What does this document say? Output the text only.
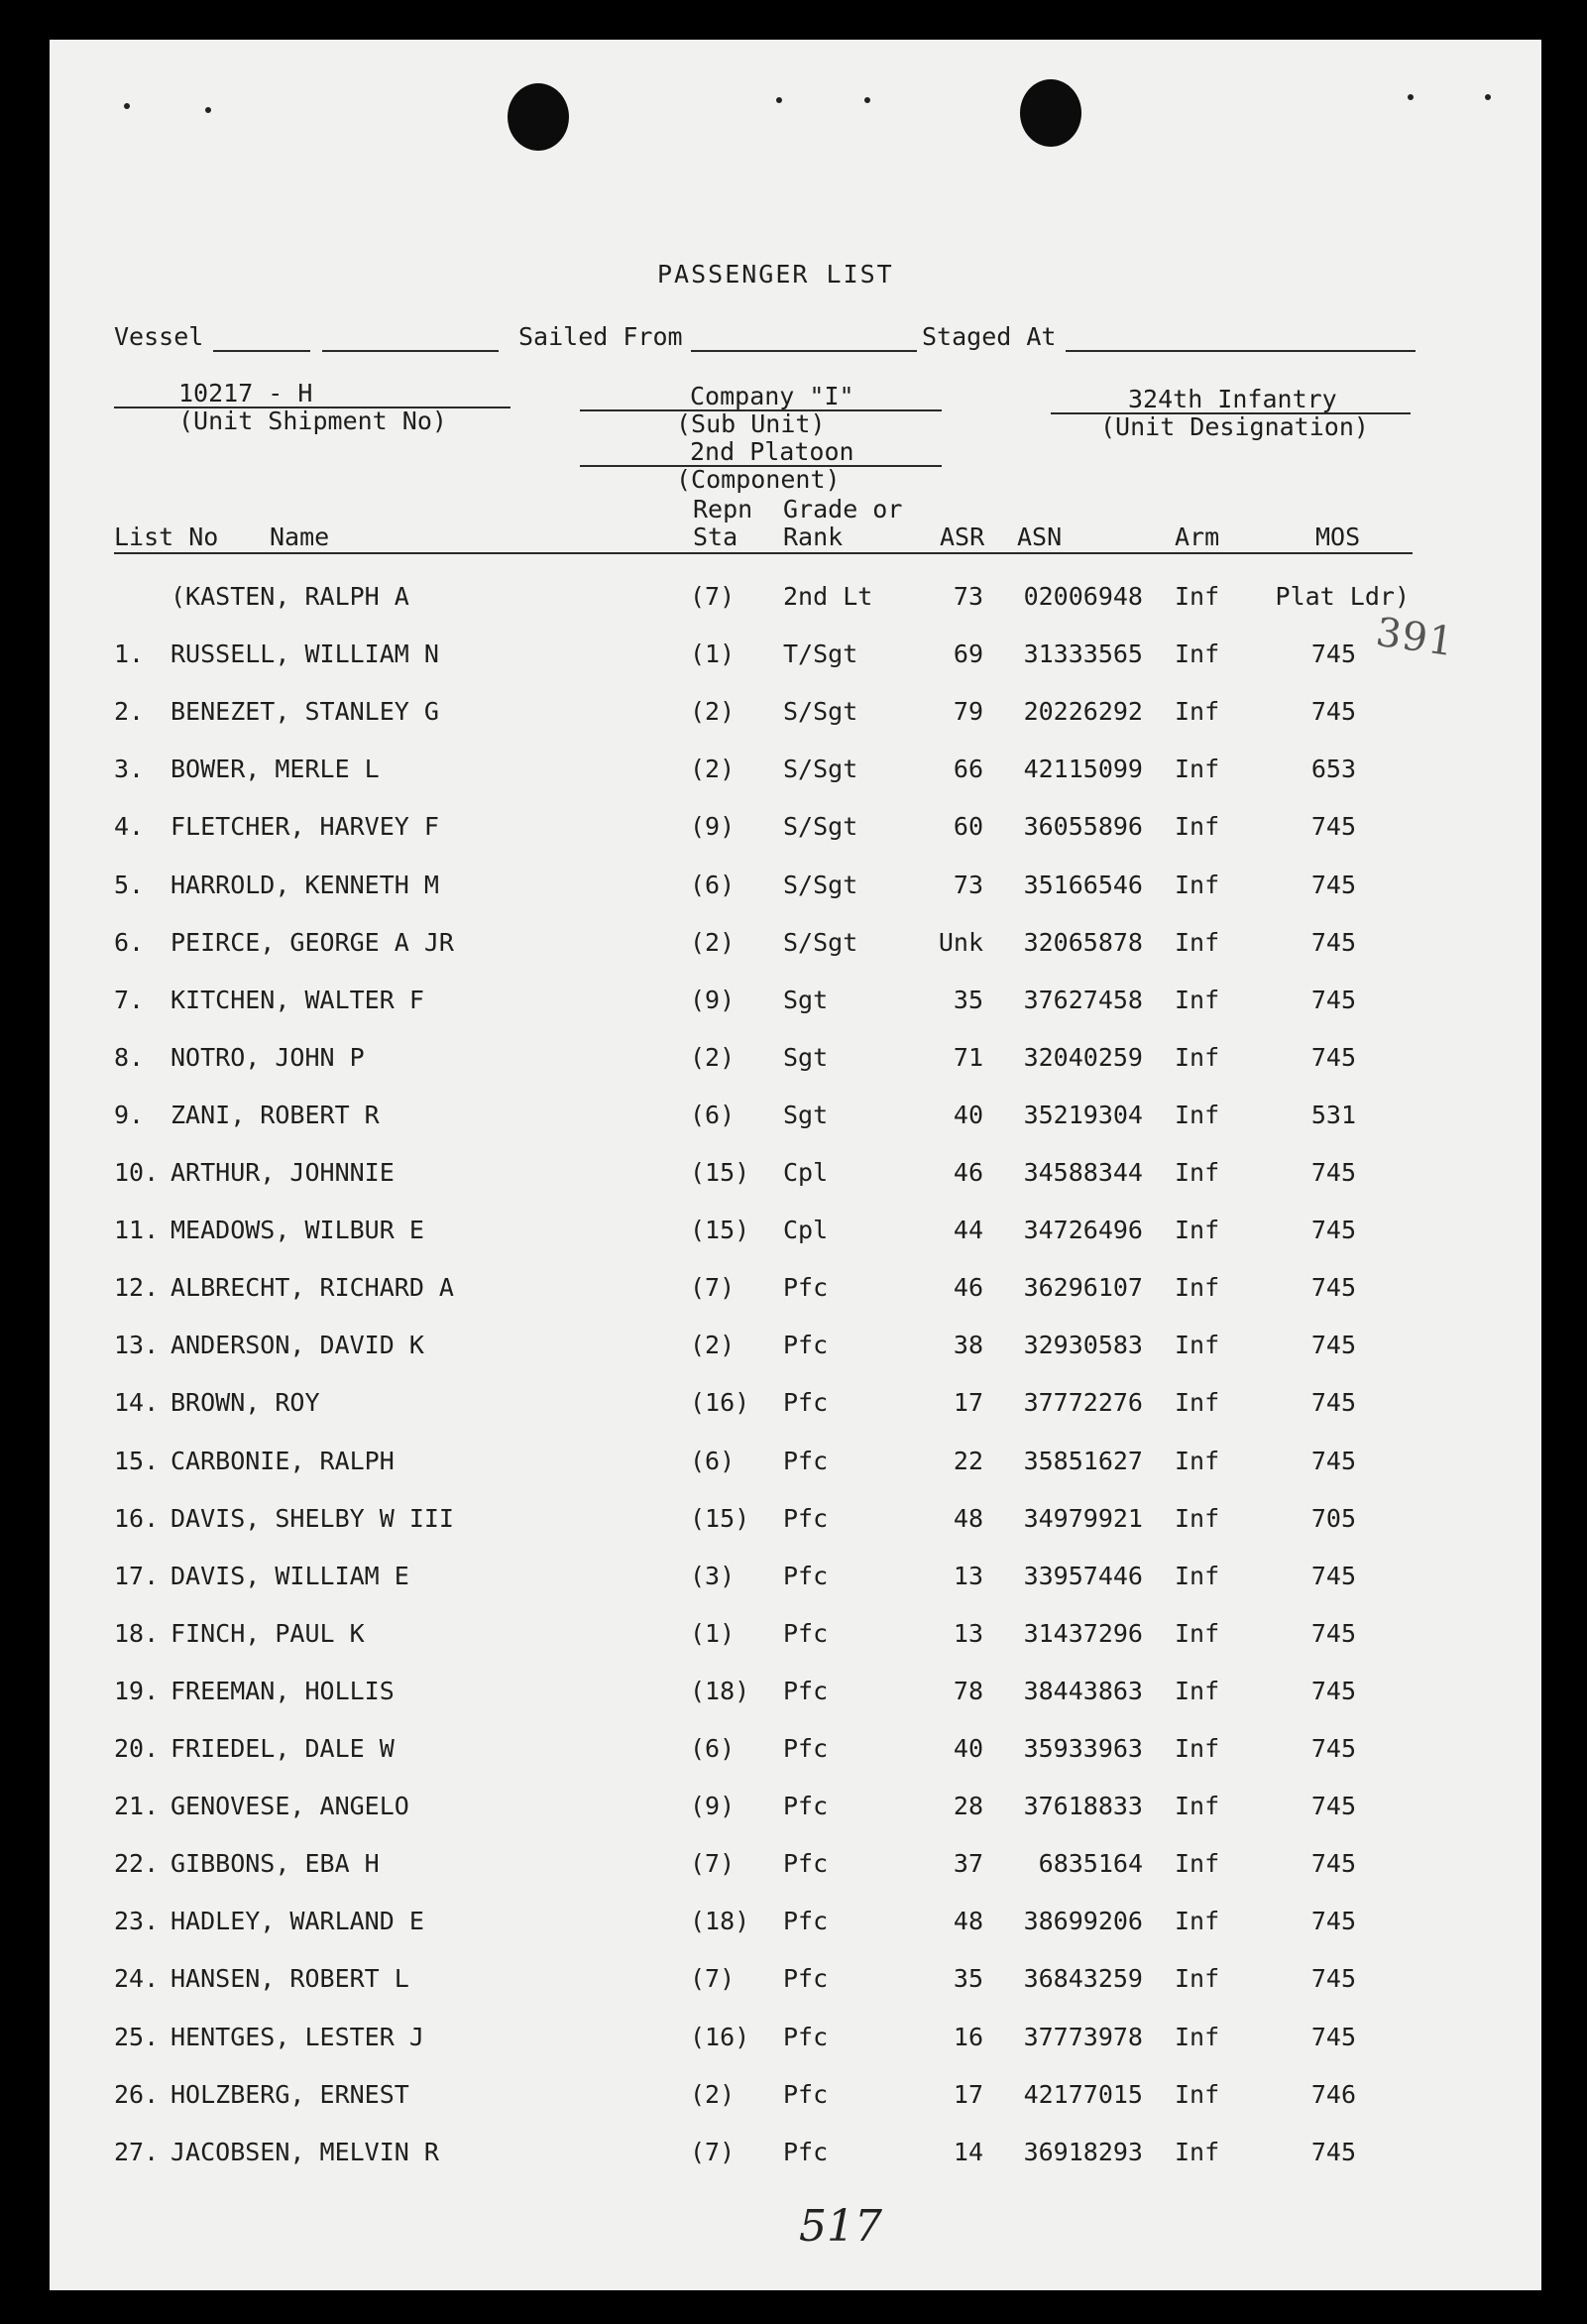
PASSENGER LIST
Vessel	Sailed From	Staged At
10217 - H
(Unit Shipment No)
Company "I"
(Sub Unit)
2nd Platoon
(Component)
324th Infantry
(Unit Designation)
Repn Grade or
List No Name	Sta Rank	ASR ASN	Arm	MOS
(KASTEN, RALPH A	(7) 2nd Lt	73 02006948 Inf Plat Ldr)
1. RUSSELL, WILLIAM N	(1) T/Sgt	69 31333565 Inf	745
2. BENEZET, STANLEY G	(2) S/Sgt	79 20226292 Inf	745
3. BOWER, MERLE L	(2) S/Sgt	66 42115099 Inf	653
4. FLETCHER, HARVEY F	(9) S/Sgt	60 36055896 Inf	745
5. HARROLD, KENNETH M	(6) S/Sgt	73 35166546 Inf	745
6. PEIRCE, GEORGE A JR	(2) S/Sgt	Unk 32065878 Inf	745
7. KITCHEN, WALTER F	(9) Sgt	35 37627458 Inf	745
8. NOTRO, JOHN P	(2) Sgt	71 32040259 Inf	745
9. ZANI, ROBERT R	(6) Sgt	40 35219304 Inf	531
10. ARTHUR, JOHNNIE	(15) Cpl	46 34588344 Inf	745
11. MEADOWS, WILBUR E	(15) Cpl	44 34726496 Inf	745
12. ALBRECHT, RICHARD A	(7) Pfc	46 36296107 Inf	745
13. ANDERSON, DAVID K	(2) Pfc	38 32930583 Inf	745
14. BROWN, ROY	(16) Pfc	17 37772276 Inf	745
15. CARBONIE, RALPH	(6) Pfc	22 35851627 Inf	745
16. DAVIS, SHELBY W III	(15) Pfc	48 34979921 Inf	705
17. DAVIS, WILLIAM E	(3) Pfc	13 33957446 Inf	745
18. FINCH, PAUL K	(1) Pfc	13 31437296 Inf	745
19. FREEMAN, HOLLIS	(18) Pfc	78 38443863 Inf	745
20. FRIEDEL, DALE W	(6) Pfc	40 35933963 Inf	745
21. GENOVESE, ANGELO	(9) Pfc	28 37618833 Inf	745
22. GIBBONS, EBA H	(7) Pfc	37 6835164 Inf	745
23. HADLEY, WARLAND E	(18) Pfc	48 38699206 Inf	745
24. HANSEN, ROBERT L	(7) Pfc	35 36843259 Inf	745
25. HENTGES, LESTER J	(16) Pfc	16 37773978 Inf	745
26. HOLZBERG, ERNEST	(2) Pfc	17 42177015 Inf	746
27. JACOBSEN, MELVIN R	(7) Pfc	14 36918293 Inf	745
391
517
